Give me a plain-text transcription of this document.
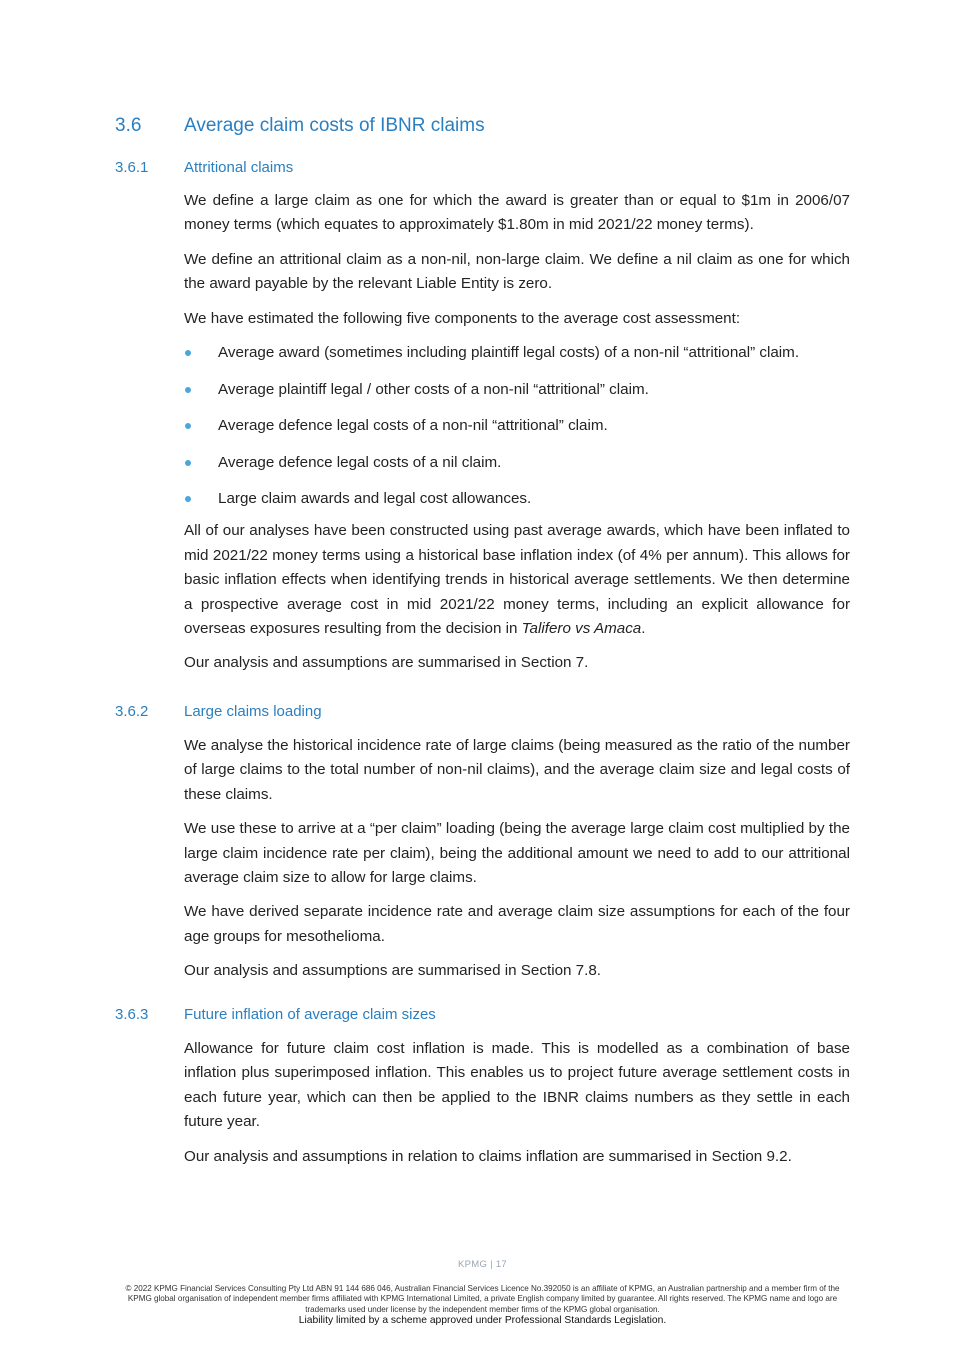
3.6 Average claim costs of IBNR claims
3.6.1 Attritional claims

We define a large claim as one for which the award is greater than or equal to $1m in 2006/07 money terms (which equates to approximately $1.80m in mid 2021/22 money terms).

We define an attritional claim as a non-nil, non-large claim. We define a nil claim as one for which the award payable by the relevant Liable Entity is zero.

We have estimated the following five components to the average cost assessment:

Average award (sometimes including plaintiff legal costs) of a non-nil “attritional” claim.
Average plaintiff legal / other costs of a non-nil “attritional” claim.
Average defence legal costs of a non-nil “attritional” claim.
Average defence legal costs of a nil claim.
Large claim awards and legal cost allowances.

All of our analyses have been constructed using past average awards, which have been inflated to mid 2021/22 money terms using a historical base inflation index (of 4% per annum). This allows for basic inflation effects when identifying trends in historical average settlements. We then determine a prospective average cost in mid 2021/22 money terms, including an explicit allowance for overseas exposures resulting from the decision in Talifero vs Amaca.

Our analysis and assumptions are summarised in Section 7.

3.6.2 Large claims loading

We analyse the historical incidence rate of large claims (being measured as the ratio of the number of large claims to the total number of non-nil claims), and the average claim size and legal costs of these claims.

We use these to arrive at a “per claim” loading (being the average large claim cost multiplied by the large claim incidence rate per claim), being the additional amount we need to add to our attritional average claim size to allow for large claims.

We have derived separate incidence rate and average claim size assumptions for each of the four age groups for mesothelioma.

Our analysis and assumptions are summarised in Section 7.8.

3.6.3 Future inflation of average claim sizes

Allowance for future claim cost inflation is made. This is modelled as a combination of base inflation plus superimposed inflation. This enables us to project future average settlement costs in each future year, which can then be applied to the IBNR claims numbers as they settle in each future year.

Our analysis and assumptions in relation to claims inflation are summarised in Section 9.2.

KPMG | 17
© 2022 KPMG Financial Services Consulting Pty Ltd ABN 91 144 686 046, Australian Financial Services Licence No.392050 is an affiliate of KPMG, an Australian partnership and a member firm of the KPMG global organisation of independent member firms affiliated with KPMG International Limited, a private English company limited by guarantee. All rights reserved. The KPMG name and logo are trademarks used under license by the independent member firms of the KPMG global organisation.
Liability limited by a scheme approved under Professional Standards Legislation.
